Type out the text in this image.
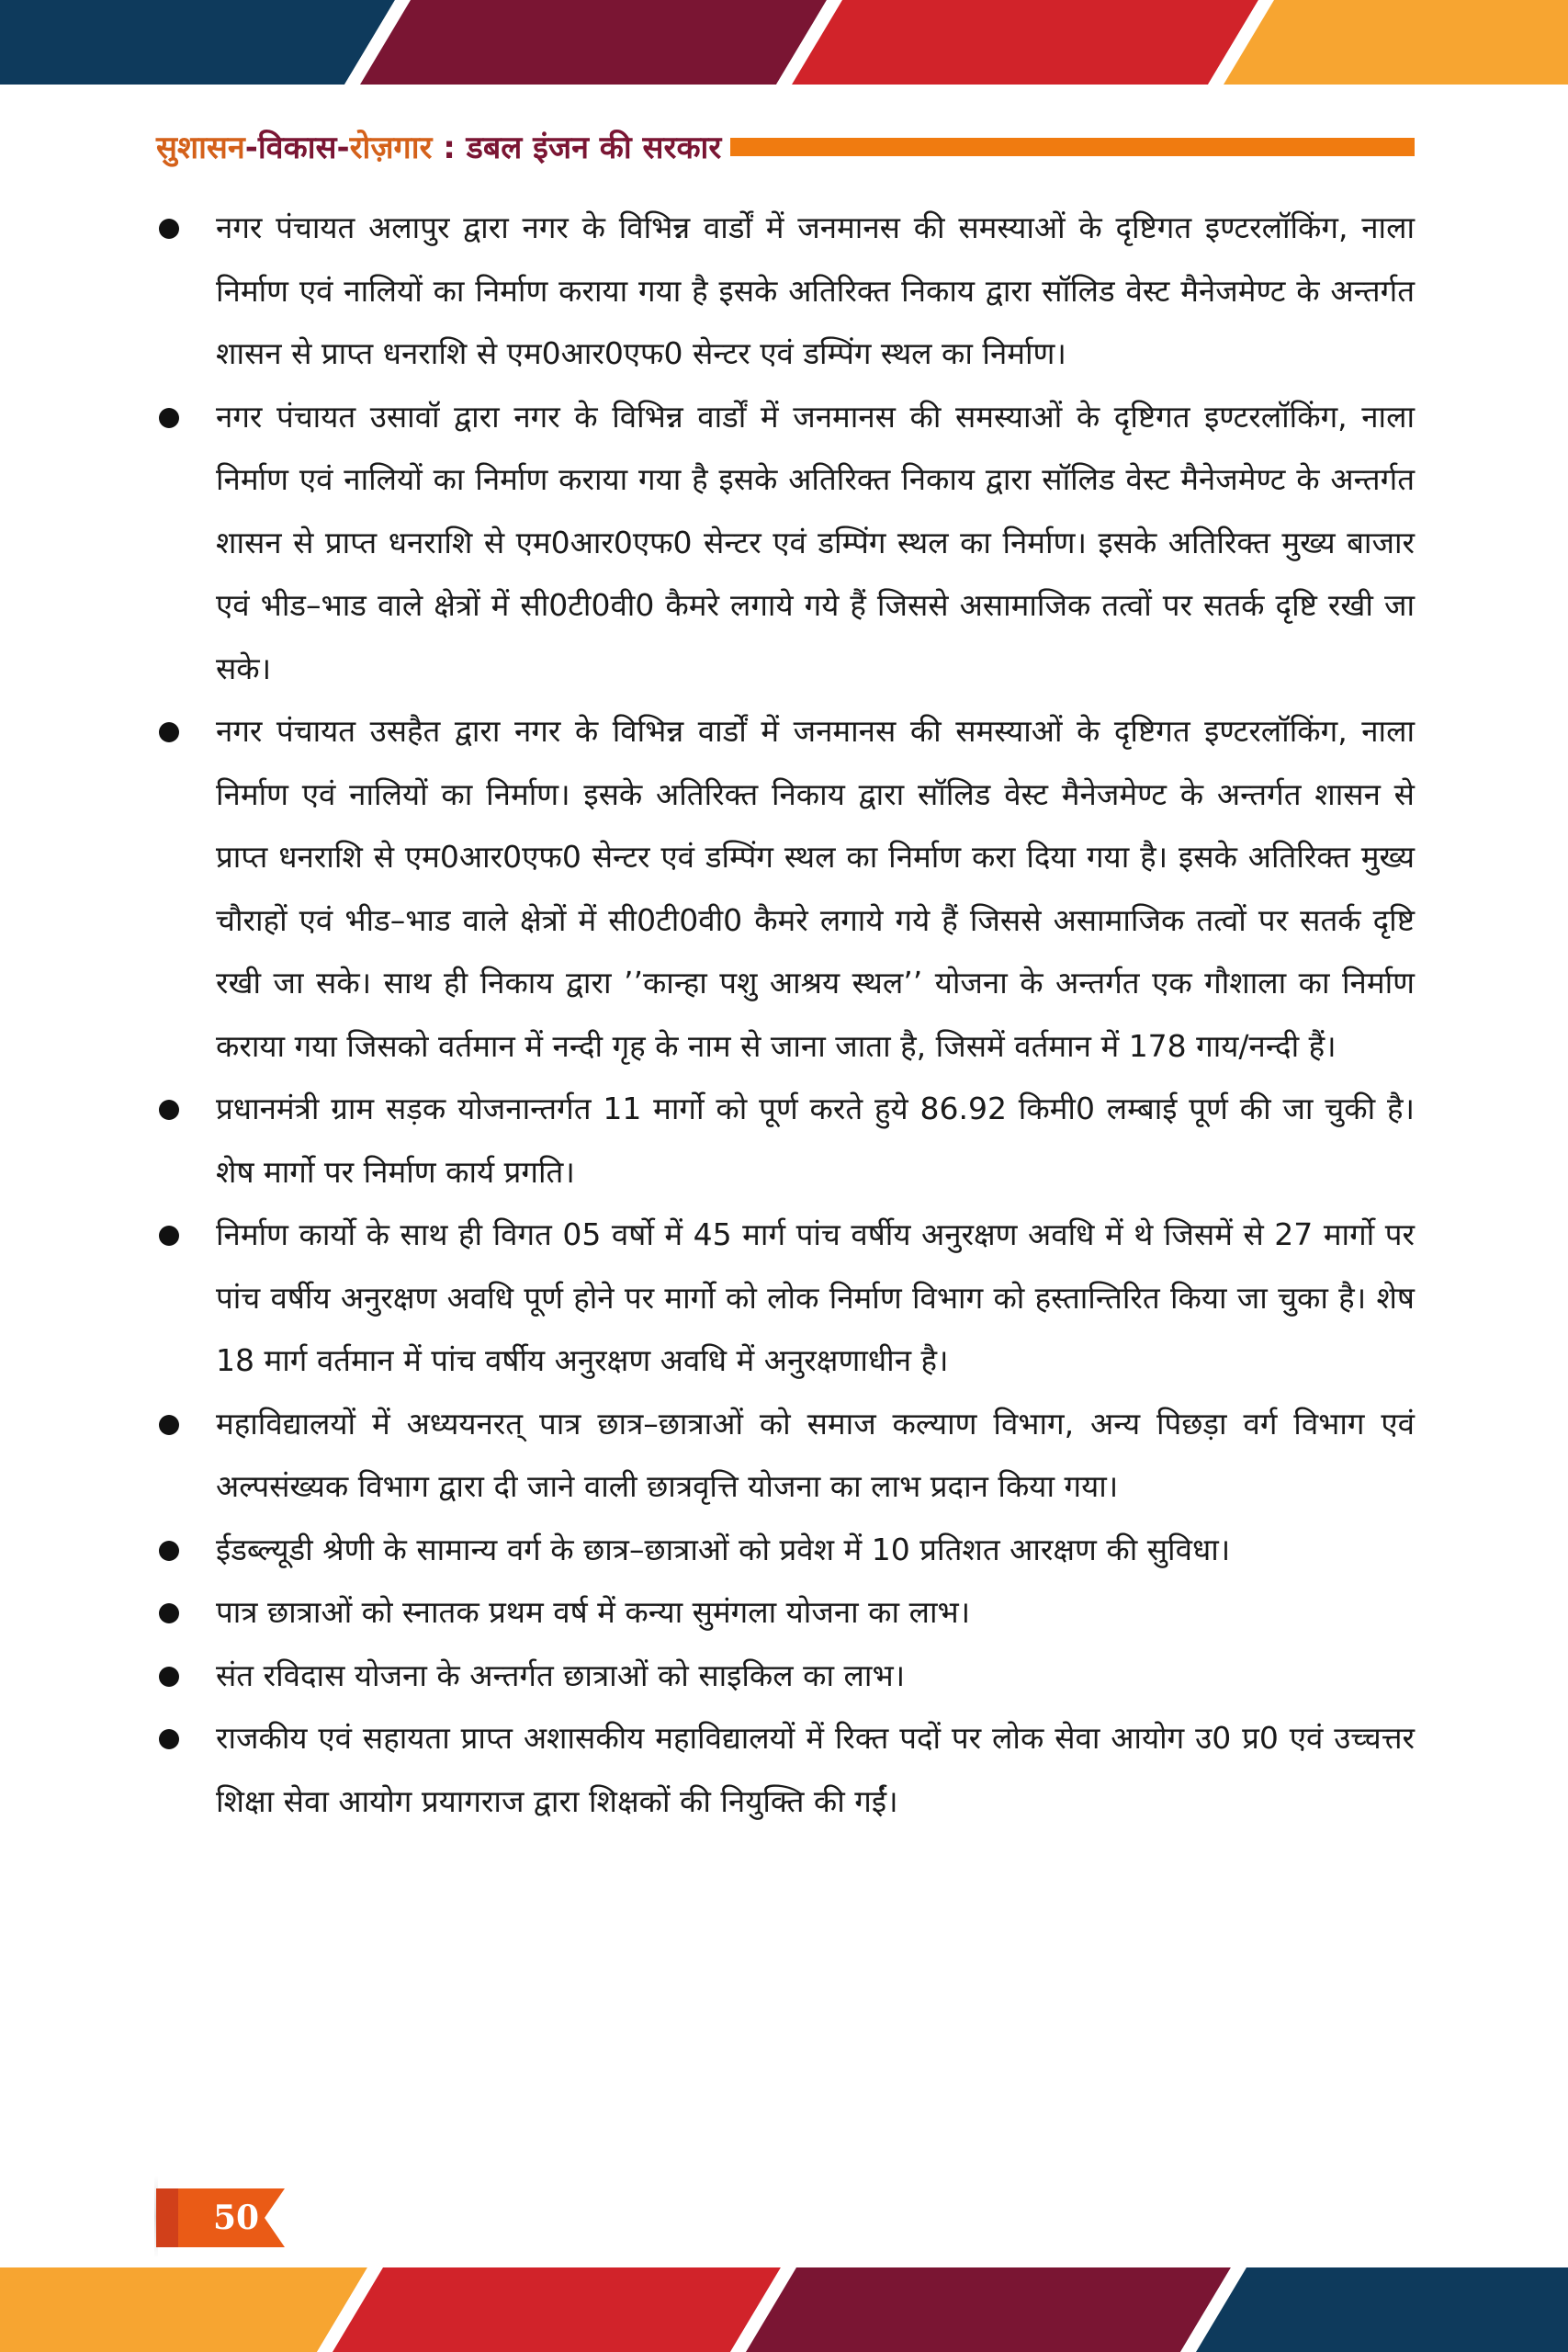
सुशासन-विकास-रोज़गार : डबल इंजन की सरकार

नगर पंचायत अलापुर द्वारा नगर के विभिन्न वार्डों में जनमानस की समस्याओं के दृष्टिगत इण्टरलॉकिंग, नाला निर्माण एवं नालियों का निर्माण कराया गया है इसके अतिरिक्त निकाय द्वारा सॉलिड वेस्ट मैनेजमेण्ट के अन्तर्गत शासन से प्राप्त धनराशि से एम0आर0एफ0 सेन्टर एवं डम्पिंग स्थल का निर्माण।

नगर पंचायत उसावॉ द्वारा नगर के विभिन्न वार्डों में जनमानस की समस्याओं के दृष्टिगत इण्टरलॉकिंग, नाला निर्माण एवं नालियों का निर्माण कराया गया है इसके अतिरिक्त निकाय द्वारा सॉलिड वेस्ट मैनेजमेण्ट के अन्तर्गत शासन से प्राप्त धनराशि से एम0आर0एफ0 सेन्टर एवं डम्पिंग स्थल का निर्माण। इसके अतिरिक्त मुख्य बाजार एवं भीड–भाड वाले क्षेत्रों में सी0टी0वी0 कैमरे लगाये गये हैं जिससे असामाजिक तत्वों पर सतर्क दृष्टि रखी जा सके।

नगर पंचायत उसहैत द्वारा नगर के विभिन्न वार्डों में जनमानस की समस्याओं के दृष्टिगत इण्टरलॉकिंग, नाला निर्माण एवं नालियों का निर्माण। इसके अतिरिक्त निकाय द्वारा सॉलिड वेस्ट मैनेजमेण्ट के अन्तर्गत शासन से प्राप्त धनराशि से एम0आर0एफ0 सेन्टर एवं डम्पिंग स्थल का निर्माण करा दिया गया है। इसके अतिरिक्त मुख्य चौराहों एवं भीड–भाड वाले क्षेत्रों में सी0टी0वी0 कैमरे लगाये गये हैं जिससे असामाजिक तत्वों पर सतर्क दृष्टि रखी जा सके। साथ ही निकाय द्वारा ’’कान्हा पशु आश्रय स्थल’’ योजना के अन्तर्गत एक गौशाला का निर्माण कराया गया जिसको वर्तमान में नन्दी गृह के नाम से जाना जाता है, जिसमें वर्तमान में 178 गाय/नन्दी हैं।

प्रधानमंत्री ग्राम सड़क योजनान्तर्गत 11 मार्गो को पूर्ण करते हुये 86.92 किमी0 लम्बाई पूर्ण की जा चुकी है। शेष मार्गो पर निर्माण कार्य प्रगति।

निर्माण कार्यो के साथ ही विगत 05 वर्षो में 45 मार्ग पांच वर्षीय अनुरक्षण अवधि में थे जिसमें से 27 मार्गो पर पांच वर्षीय अनुरक्षण अवधि पूर्ण होने पर मार्गो को लोक निर्माण विभाग को हस्तान्तिरित किया जा चुका है। शेष 18 मार्ग वर्तमान में पांच वर्षीय अनुरक्षण अवधि में अनुरक्षणाधीन है।

महाविद्यालयों में अध्ययनरत् पात्र छात्र–छात्राओं को समाज कल्याण विभाग, अन्य पिछड़ा वर्ग विभाग एवं अल्पसंख्यक विभाग द्वारा दी जाने वाली छात्रवृत्ति योजना का लाभ प्रदान किया गया।

ईडब्ल्यूडी श्रेणी के सामान्य वर्ग के छात्र–छात्राओं को प्रवेश में 10 प्रतिशत आरक्षण की सुविधा।

पात्र छात्राओं को स्नातक प्रथम वर्ष में कन्या सुमंगला योजना का लाभ।

संत रविदास योजना के अन्तर्गत छात्राओं को साइकिल का लाभ।

राजकीय एवं सहायता प्राप्त अशासकीय महाविद्यालयों में रिक्त पदों पर लोक सेवा आयोग उ0 प्र0 एवं उच्चत्तर शिक्षा सेवा आयोग प्रयागराज द्वारा शिक्षकों की नियुक्ति की गईं।

50
